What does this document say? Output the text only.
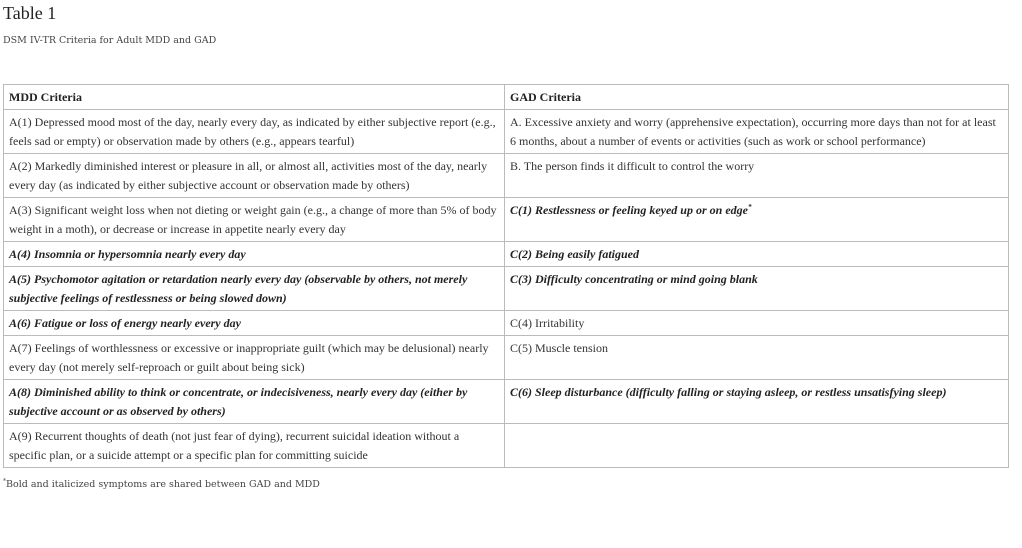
Table 1
DSM IV-TR Criteria for Adult MDD and GAD
MDD Criteria	GAD Criteria
A(1) Depressed mood most of the day, nearly every day, as indicated by either subjective report (e.g., feels sad or empty) or observation made by others (e.g., appears tearful)	A. Excessive anxiety and worry (apprehensive expectation), occurring more days than not for at least 6 months, about a number of events or activities (such as work or school performance)
A(2) Markedly diminished interest or pleasure in all, or almost all, activities most of the day, nearly every day (as indicated by either subjective account or observation made by others)	B. The person finds it difficult to control the worry
A(3) Significant weight loss when not dieting or weight gain (e.g., a change of more than 5% of body weight in a moth), or decrease or increase in appetite nearly every day	C(1) Restlessness or feeling keyed up or on edge*
A(4) Insomnia or hypersomnia nearly every day	C(2) Being easily fatigued
A(5) Psychomotor agitation or retardation nearly every day (observable by others, not merely subjective feelings of restlessness or being slowed down)	C(3) Difficulty concentrating or mind going blank
A(6) Fatigue or loss of energy nearly every day	C(4) Irritability
A(7) Feelings of worthlessness or excessive or inappropriate guilt (which may be delusional) nearly every day (not merely self-reproach or guilt about being sick)	C(5) Muscle tension
A(8) Diminished ability to think or concentrate, or indecisiveness, nearly every day (either by subjective account or as observed by others)	C(6) Sleep disturbance (difficulty falling or staying asleep, or restless unsatisfying sleep)
A(9) Recurrent thoughts of death (not just fear of dying), recurrent suicidal ideation without a specific plan, or a suicide attempt or a specific plan for committing suicide	
*Bold and italicized symptoms are shared between GAD and MDD
